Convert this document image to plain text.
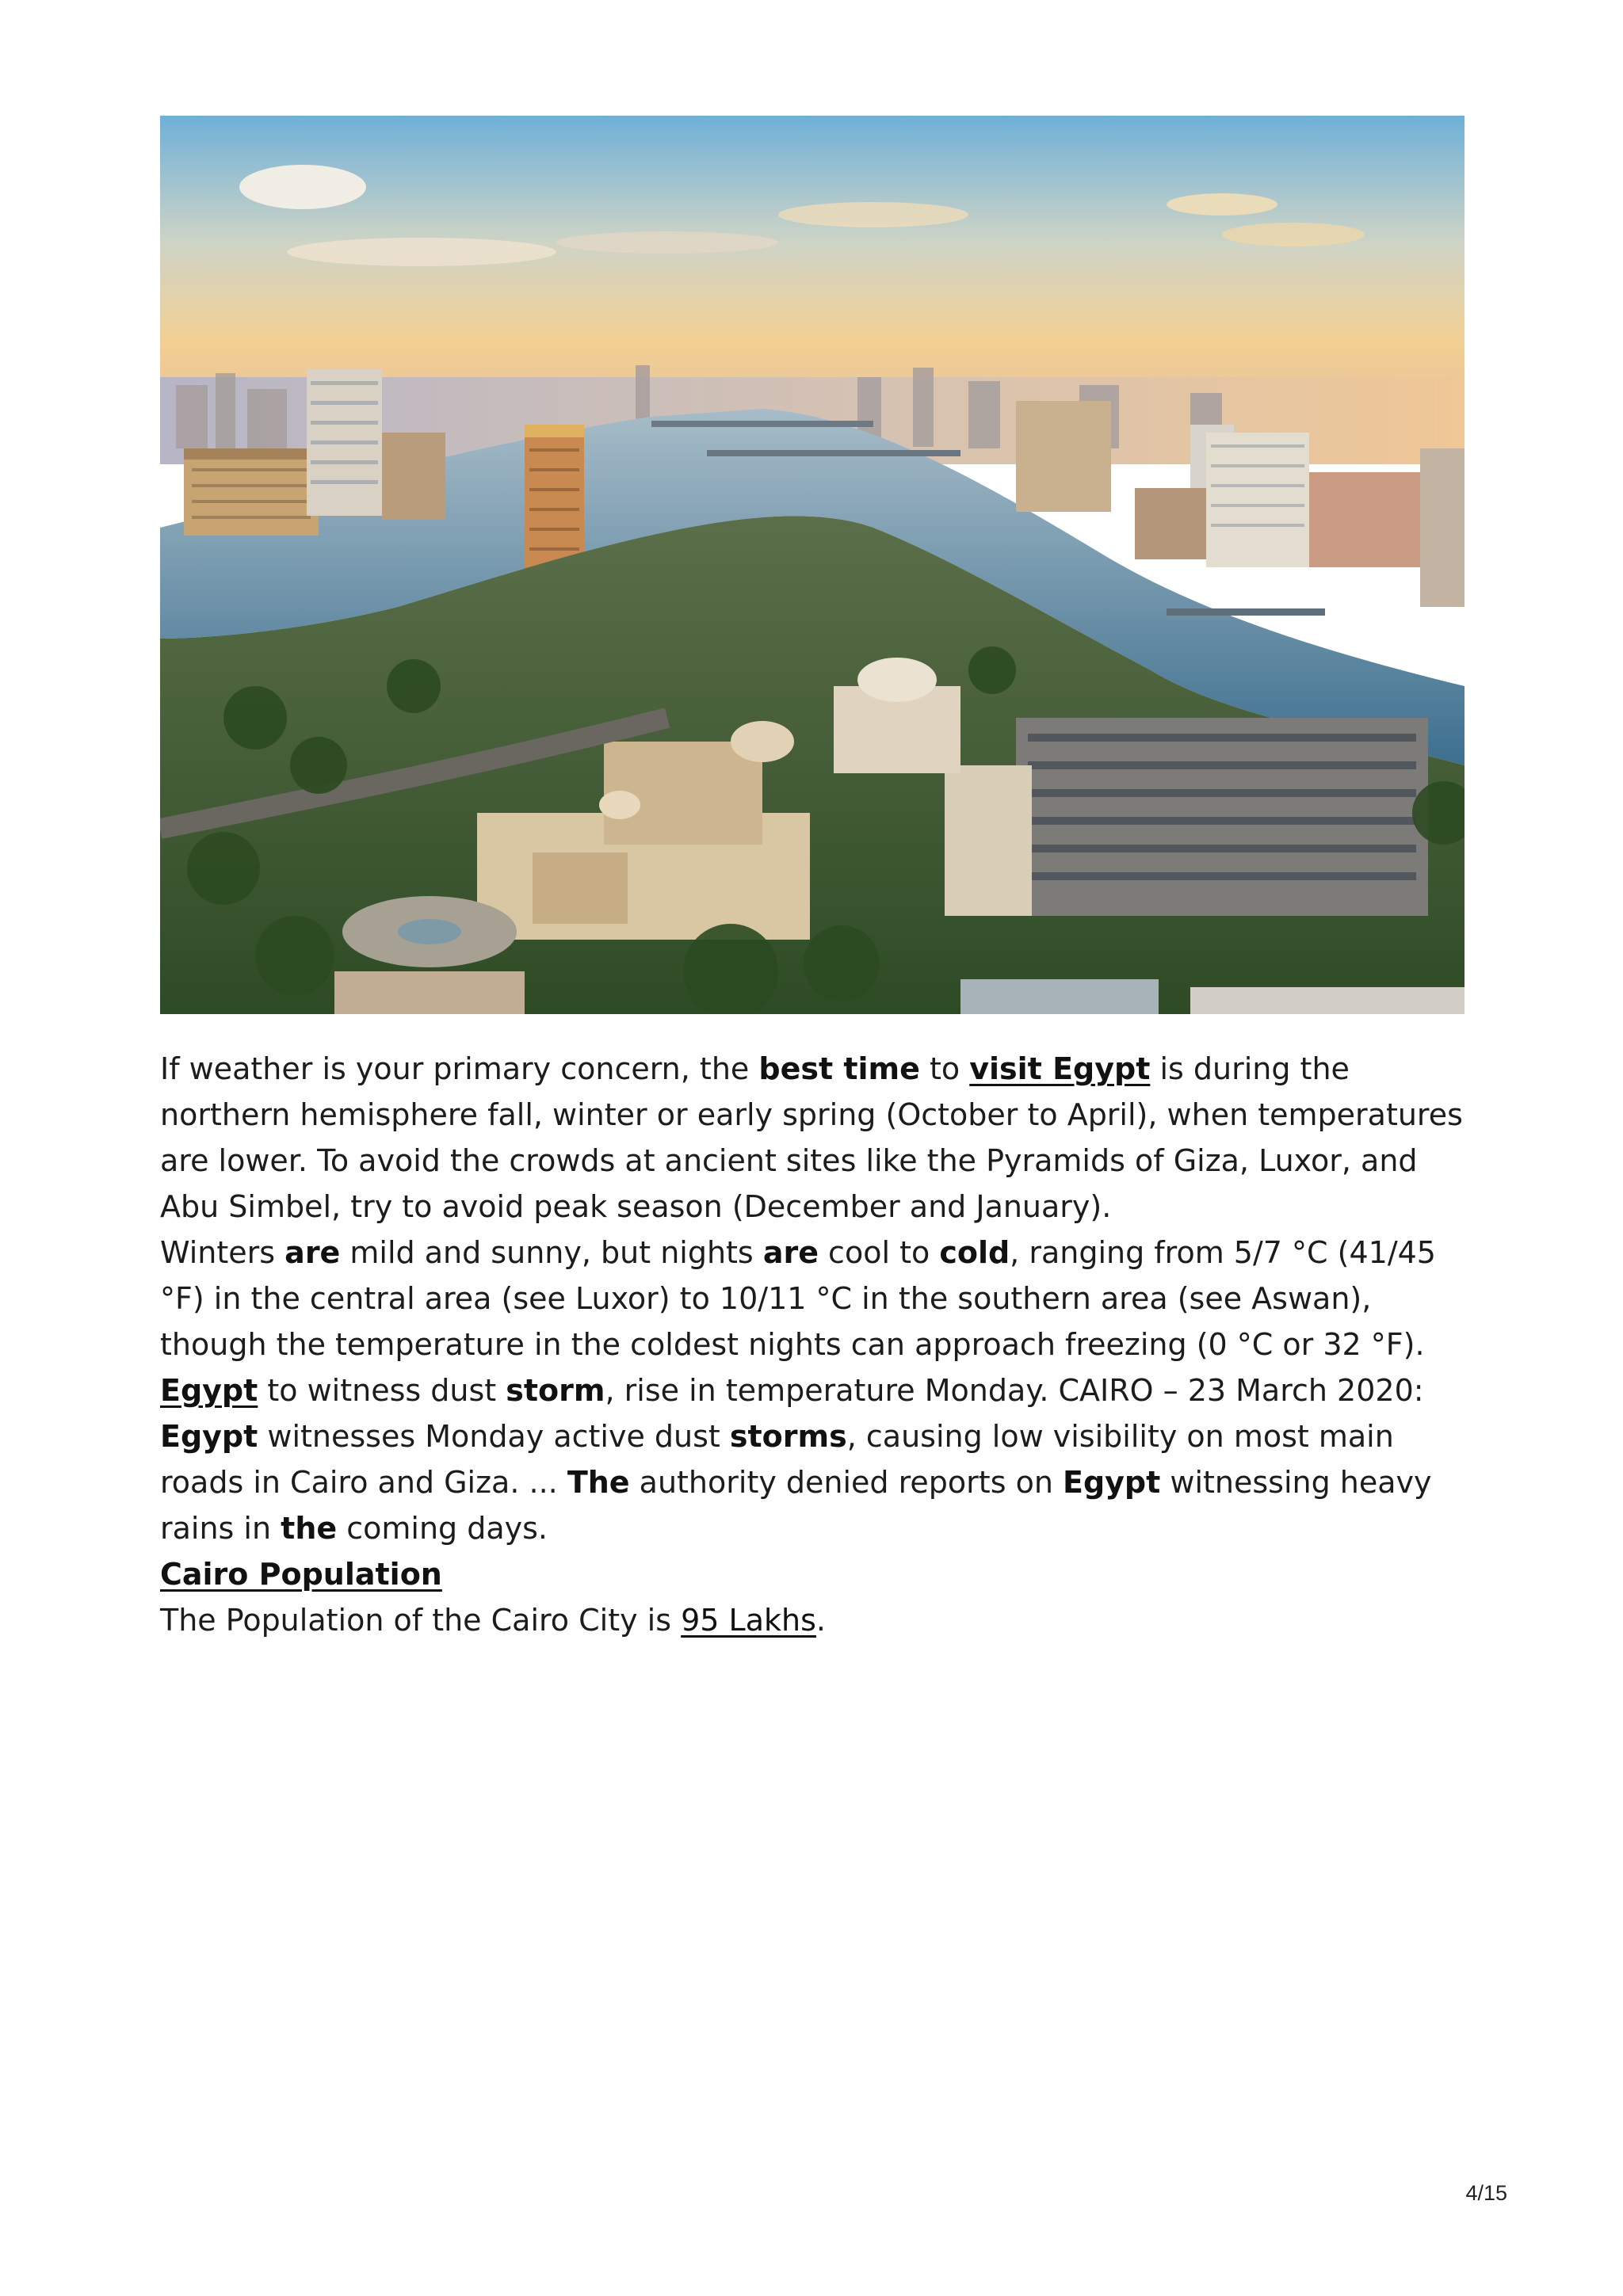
If weather is your primary concern, the best time to visit Egypt is during the northern hemisphere fall, winter or early spring (October to April), when temperatures are lower. To avoid the crowds at ancient sites like the Pyramids of Giza, Luxor, and Abu Simbel, try to avoid peak season (December and January).

Winters are mild and sunny, but nights are cool to cold, ranging from 5/7 °C (41/45 °F) in the central area (see Luxor) to 10/11 °C in the southern area (see Aswan), though the temperature in the coldest nights can approach freezing (0 °C or 32 °F).

Egypt to witness dust storm, rise in temperature Monday. CAIRO – 23 March 2020: Egypt witnesses Monday active dust storms, causing low visibility on most main roads in Cairo and Giza. ... The authority denied reports on Egypt witnessing heavy rains in the coming days.

Cairo Population

The Population of the Cairo City is 95 Lakhs.

4/15
